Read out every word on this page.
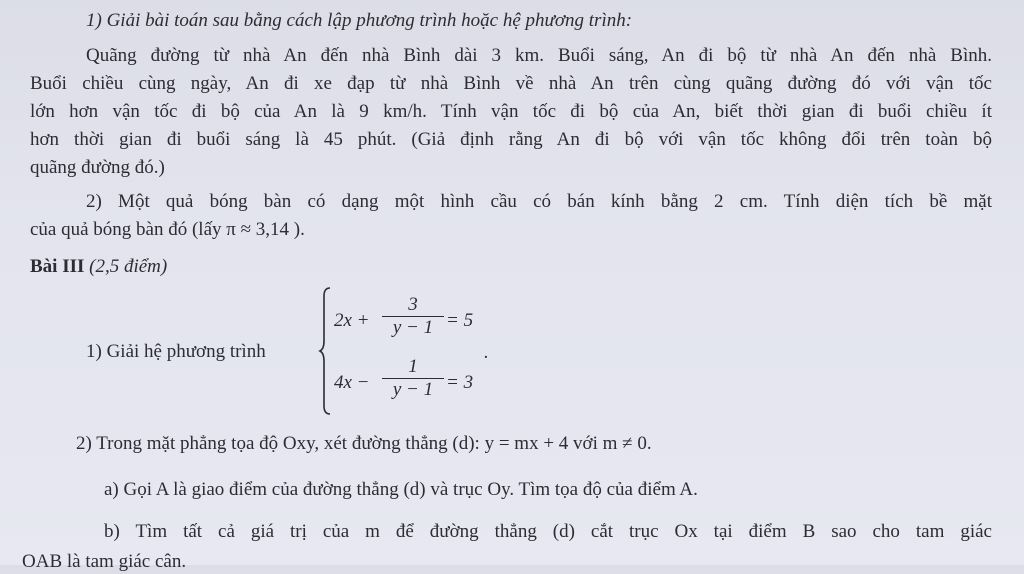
1) Giải bài toán sau bằng cách lập phương trình hoặc hệ phương trình:
Quãng đường từ nhà An đến nhà Bình dài 3 km. Buổi sáng, An đi bộ từ nhà An đến nhà Bình.
Buổi chiều cùng ngày, An đi xe đạp từ nhà Bình về nhà An trên cùng quãng đường đó với vận tốc
lớn hơn vận tốc đi bộ của An là 9 km/h. Tính vận tốc đi bộ của An, biết thời gian đi buổi chiều ít
hơn thời gian đi buổi sáng là 45 phút. (Giả định rằng An đi bộ với vận tốc không đổi trên toàn bộ
quãng đường đó.)
2) Một quả bóng bàn có dạng một hình cầu có bán kính bằng 2 cm. Tính diện tích bề mặt
của quả bóng bàn đó (lấy π ≈ 3,14 ).
Bài III (2,5 điểm)
1) Giải hệ phương trình
$2x + \frac{3}{y - 1} = 5$
$4x - \frac{1}{y - 1} = 3$
.
2) Trong mặt phẳng tọa độ Oxy, xét đường thẳng (d): y = mx + 4 với m ≠ 0.
a) Gọi A là giao điểm của đường thẳng (d) và trục Oy. Tìm tọa độ của điểm A.
b) Tìm tất cả giá trị của m để đường thẳng (d) cắt trục Ox tại điểm B sao cho tam giác
OAB là tam giác cân.
